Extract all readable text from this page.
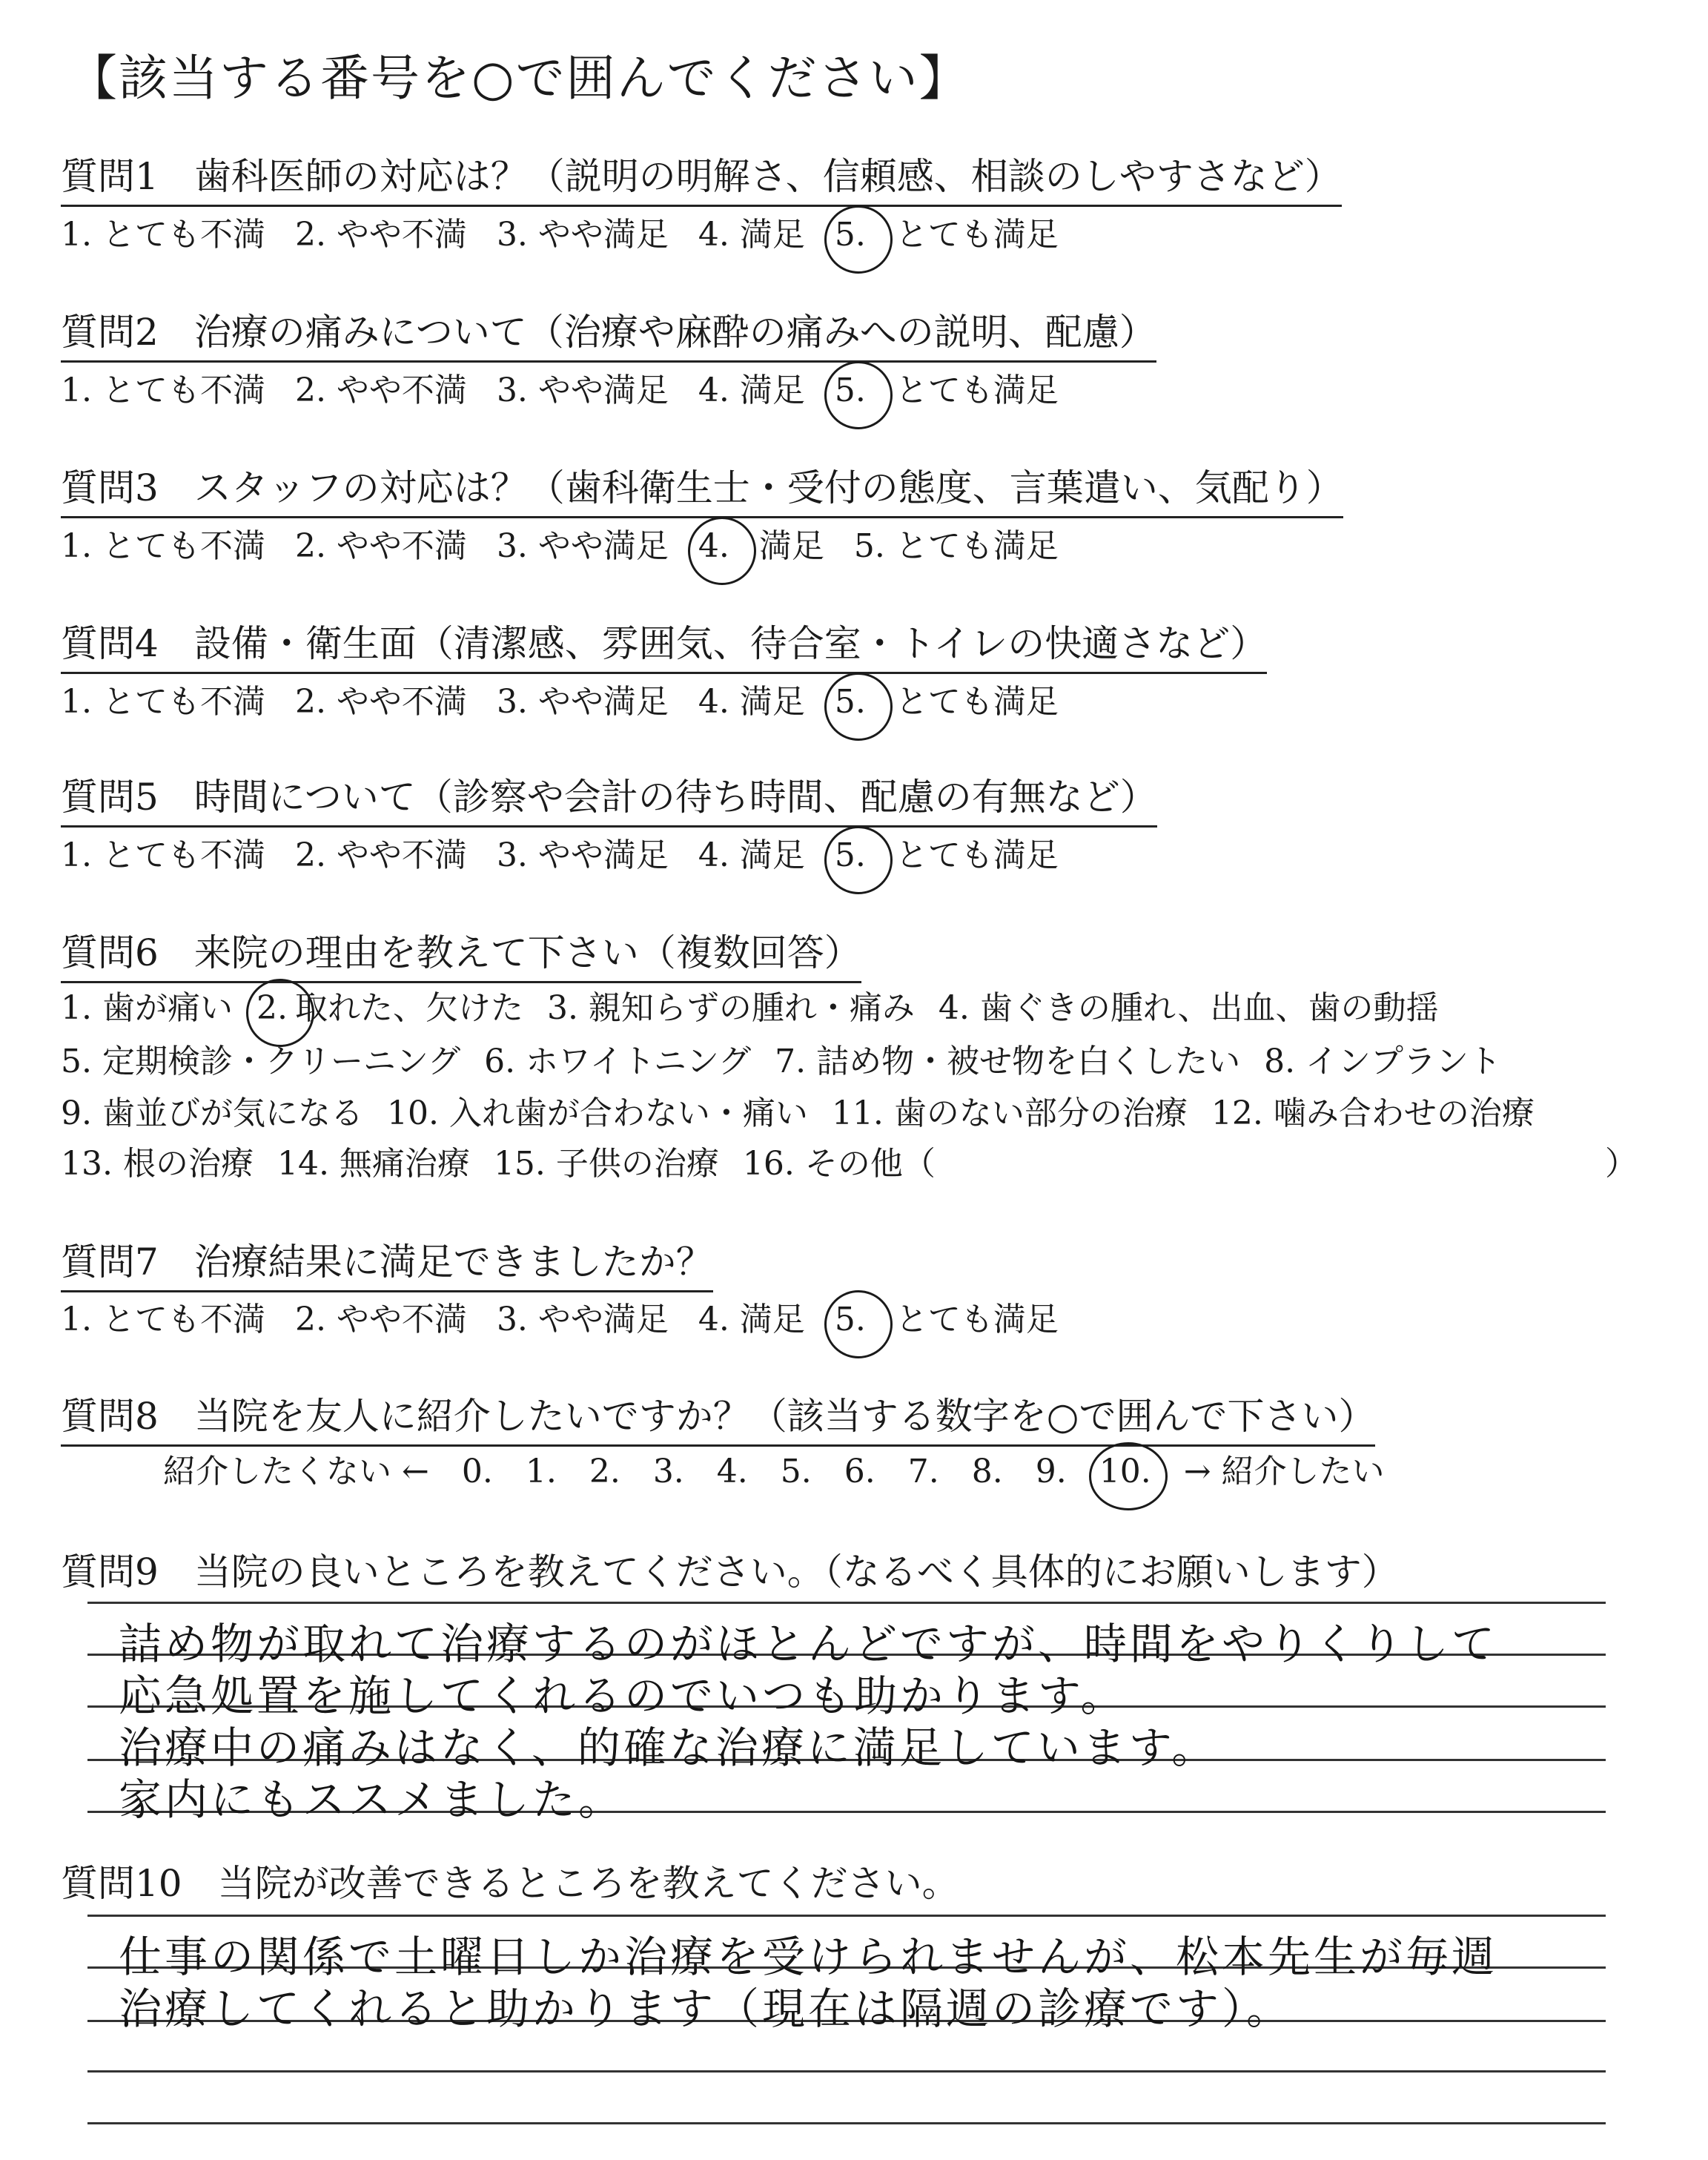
【該当する番号を○で囲んでください】
質問1 歯科医師の対応は？（説明の明解さ、信頼感、相談のしやすさなど）
1. とても不満 2. やや不満 3. やや満足 4. 満足 5. とても満足
質問2 治療の痛みについて（治療や麻酔の痛みへの説明、配慮）
1. とても不満 2. やや不満 3. やや満足 4. 満足 5. とても満足
質問3 スタッフの対応は？（歯科衛生士・受付の態度、言葉遣い、気配り）
1. とても不満 2. やや不満 3. やや満足 4. 満足 5. とても満足
質問4 設備・衛生面（清潔感、雰囲気、待合室・トイレの快適さなど）
1. とても不満 2. やや不満 3. やや満足 4. 満足 5. とても満足
質問5 時間について（診察や会計の待ち時間、配慮の有無など）
1. とても不満 2. やや不満 3. やや満足 4. 満足 5. とても満足
質問6 来院の理由を教えて下さい（複数回答）
1. 歯が痛い 2. 取れた、欠けた 3. 親知らずの腫れ・痛み 4. 歯ぐきの腫れ、出血、歯の動揺
5. 定期検診・クリーニング 6. ホワイトニング 7. 詰め物・被せ物を白くしたい 8. インプラント
9. 歯並びが気になる 10. 入れ歯が合わない・痛い 11. 歯のない部分の治療 12. 噛み合わせの治療
13. 根の治療 14. 無痛治療 15. 子供の治療 16. その他（	）
質問7 治療結果に満足できましたか？
1. とても不満 2. やや不満 3. やや満足 4. 満足 5. とても満足
質問8 当院を友人に紹介したいですか？（該当する数字を○で囲んで下さい）
紹介したくない ← 0. 1. 2. 3. 4. 5. 6. 7. 8. 9. 10. → 紹介したい
質問9 当院の良いところを教えてください。（なるべく具体的にお願いします）
詰め物が取れて治療するのがほとんどですが、時間をやりくりして
応急処置を施してくれるのでいつも助かります。
治療中の痛みはなく、的確な治療に満足しています。
家内にもススメました。
質問10 当院が改善できるところを教えてください。
仕事の関係で土曜日しか治療を受けられませんが、松本先生が毎週
治療してくれると助かります（現在は隔週の診療です）。
